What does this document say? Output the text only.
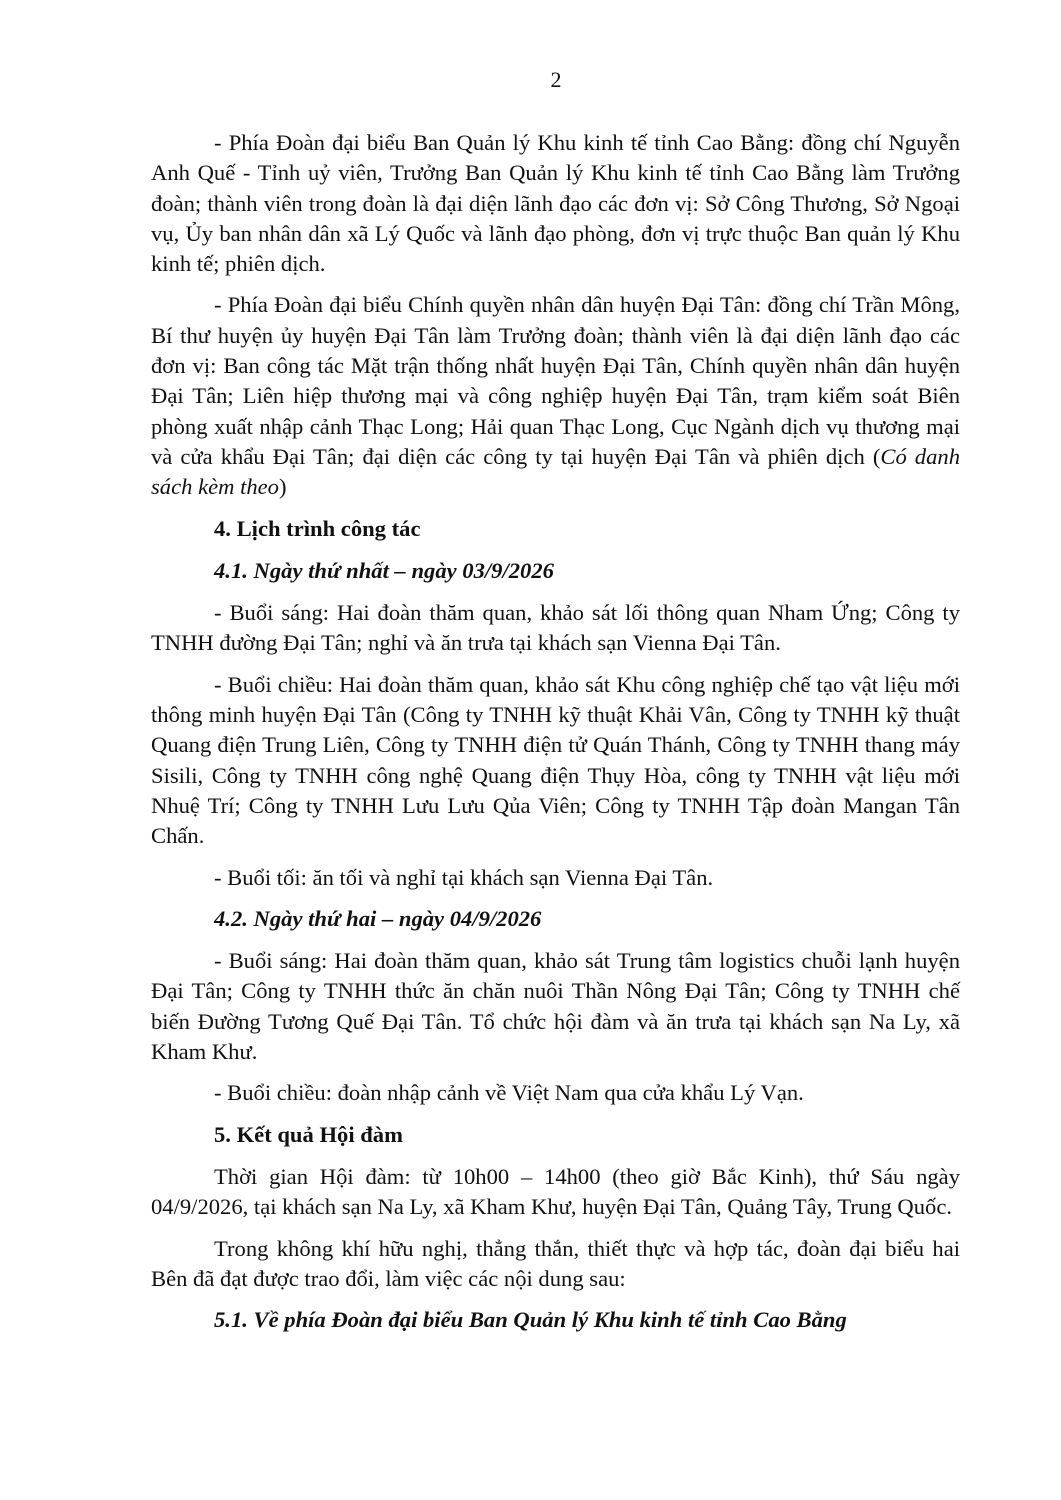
2

- Phía Đoàn đại biểu Ban Quản lý Khu kinh tế tỉnh Cao Bằng: đồng chí Nguyễn Anh Quế - Tỉnh uỷ viên, Trưởng Ban Quản lý Khu kinh tế tỉnh Cao Bằng làm Trưởng đoàn; thành viên trong đoàn là đại diện lãnh đạo các đơn vị: Sở Công Thương, Sở Ngoại vụ, Ủy ban nhân dân xã Lý Quốc và lãnh đạo phòng, đơn vị trực thuộc Ban quản lý Khu kinh tế; phiên dịch.

- Phía Đoàn đại biểu Chính quyền nhân dân huyện Đại Tân: đồng chí Trần Mông, Bí thư huyện ủy huyện Đại Tân làm Trưởng đoàn; thành viên là đại diện lãnh đạo các đơn vị: Ban công tác Mặt trận thống nhất huyện Đại Tân, Chính quyền nhân dân huyện Đại Tân; Liên hiệp thương mại và công nghiệp huyện Đại Tân, trạm kiểm soát Biên phòng xuất nhập cảnh Thạc Long; Hải quan Thạc Long, Cục Ngành dịch vụ thương mại và cửa khẩu Đại Tân; đại diện các công ty tại huyện Đại Tân và phiên dịch (Có danh sách kèm theo)

4. Lịch trình công tác

4.1. Ngày thứ nhất – ngày 03/9/2026

- Buổi sáng: Hai đoàn thăm quan, khảo sát lối thông quan Nham Ứng; Công ty TNHH đường Đại Tân; nghỉ và ăn trưa tại khách sạn Vienna Đại Tân.

- Buổi chiều: Hai đoàn thăm quan, khảo sát Khu công nghiệp chế tạo vật liệu mới thông minh huyện Đại Tân (Công ty TNHH kỹ thuật Khải Vân, Công ty TNHH kỹ thuật Quang điện Trung Liên, Công ty TNHH điện tử Quán Thánh, Công ty TNHH thang máy Sisili, Công ty TNHH công nghệ Quang điện Thụy Hòa, công ty TNHH vật liệu mới Nhuệ Trí; Công ty TNHH Lưu Lưu Qủa Viên; Công ty TNHH Tập đoàn Mangan Tân Chấn.

- Buổi tối: ăn tối và nghỉ tại khách sạn Vienna Đại Tân.

4.2. Ngày thứ hai – ngày 04/9/2026

- Buổi sáng: Hai đoàn thăm quan, khảo sát Trung tâm logistics chuỗi lạnh huyện Đại Tân; Công ty TNHH thức ăn chăn nuôi Thần Nông Đại Tân; Công ty TNHH chế biến Đường Tương Quế Đại Tân. Tổ chức hội đàm và ăn trưa tại khách sạn Na Ly, xã Kham Khư.

- Buổi chiều: đoàn nhập cảnh về Việt Nam qua cửa khẩu Lý Vạn.

5. Kết quả Hội đàm

Thời gian Hội đàm: từ 10h00 – 14h00 (theo giờ Bắc Kinh), thứ Sáu ngày 04/9/2026, tại khách sạn Na Ly, xã Kham Khư, huyện Đại Tân, Quảng Tây, Trung Quốc.

Trong không khí hữu nghị, thẳng thắn, thiết thực và hợp tác, đoàn đại biểu hai Bên đã đạt được trao đổi, làm việc các nội dung sau:

5.1. Về phía Đoàn đại biểu Ban Quản lý Khu kinh tế tỉnh Cao Bằng
